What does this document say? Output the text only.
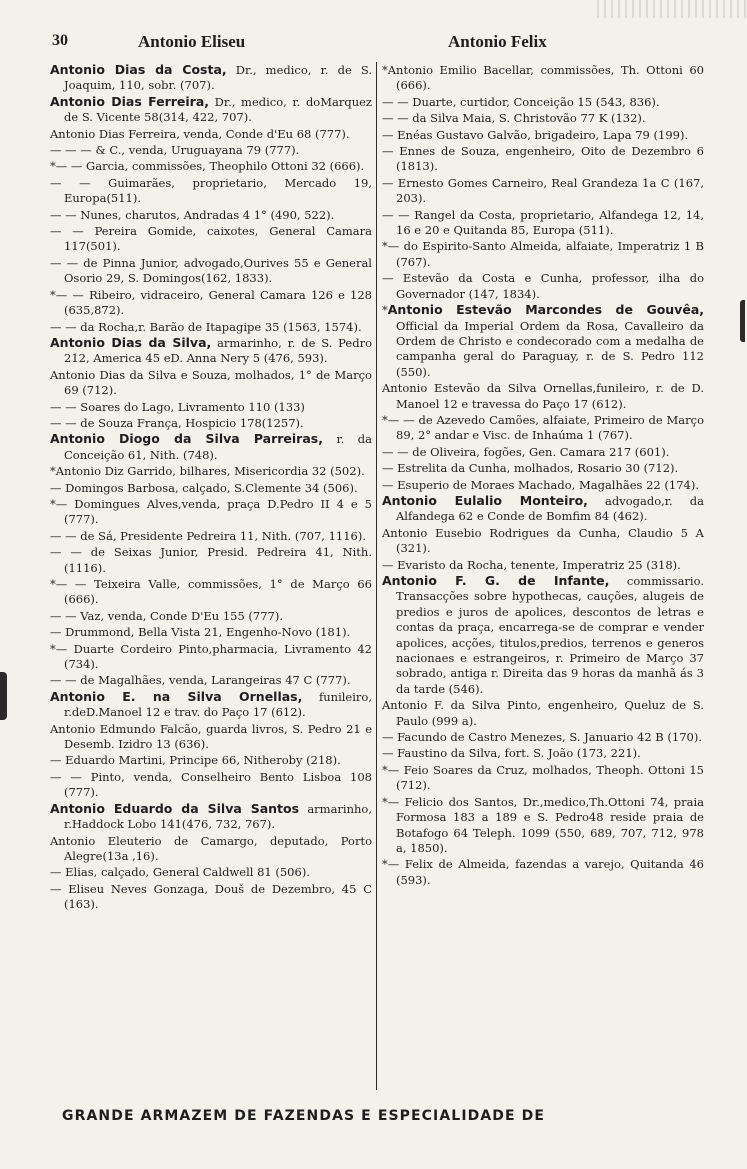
30	Antonio Eliseu	Antonio Felix

Antonio Dias da Costa, Dr., medico, r. de S. Joaquim, 110, sobr. (707).

Antonio Dias Ferreira, Dr., medico, r. doMarquez de S. Vicente 58(314, 422, 707).

Antonio Dias Ferreira, venda, Conde d'Eu 68 (777).

— — — & C., venda, Uruguayana 79 (777).

*— — Garcia, commissões, Theophilo Ottoni 32 (666).

— — Guimarães, proprietario, Mercado 19, Europa(511).

— — Nunes, charutos, Andradas 4 1° (490, 522).

— — Pereira Gomide, caixotes, General Camara 117(501).

— — de Pinna Junior, advogado,Ourives 55 e General Osorio 29, S. Domingos(162, 1833).

*— — Ribeiro, vidraceiro, General Camara 126 e 128 (635,872).

— — da Rocha,r. Barão de Itapagipe 35 (1563, 1574).

Antonio Dias da Silva, armarinho, r. de S. Pedro 212, America 45 eD. Anna Nery 5 (476, 593).

Antonio Dias da Silva e Souza, molhados, 1° de Março 69 (712).

— — Soares do Lago, Livramento 110 (133)

— — de Souza França, Hospicio 178(1257).

Antonio Diogo da Silva Parreiras, r. da Conceição 61, Nith. (748).

*Antonio Diz Garrido, bilhares, Misericordia 32 (502).

— Domingos Barbosa, calçado, S.Clemente 34 (506).

*— Domingues Alves,venda, praça D.Pedro II 4 e 5 (777).

— — de Sá, Presidente Pedreira 11, Nith. (707, 1116).

— — de Seixas Junior, Presid. Pedreira 41, Nith. (1116).

*— — Teixeira Valle, commissões, 1° de Março 66 (666).

— — Vaz, venda, Conde D'Eu 155 (777).

— Drummond, Bella Vista 21, Engenho-Novo (181).

*— Duarte Cordeiro Pinto,pharmacia, Livramento 42 (734).

— — de Magalhães, venda, Larangeiras 47 C (777).

Antonio E. na Silva Ornellas, funileiro, r.deD.Manoel 12 e trav. do Paço 17 (612).

Antonio Edmundo Falcão, guarda livros, S. Pedro 21 e Desemb. Izidro 13 (636).

— Eduardo Martini, Principe 66, Nitheroby (218).

— — Pinto, venda, Conselheiro Bento Lisboa 108 (777).

Antonio Eduardo da Silva Santos armarinho, r.Haddock Lobo 141(476, 732, 767).

Antonio Eleuterio de Camargo, deputado, Porto Alegre(13a ,16).

— Elias, calçado, General Caldwell 81 (506).

— Eliseu Neves Gonzaga, Douš de Dezembro, 45 C (163).

*Antonio Emilio Bacellar, commissões, Th. Ottoni 60 (666).

— — Duarte, curtidor, Conceição 15 (543, 836).

— — da Silva Maia, S. Christovão 77 K (132).

— Enéas Gustavo Galvão, brigadeiro, Lapa 79 (199).

— Ennes de Souza, engenheiro, Oito de Dezembro 6 (1813).

— Ernesto Gomes Carneiro, Real Grandeza 1a C (167, 203).

— — Rangel da Costa, proprietario, Alfandega 12, 14, 16 e 20 e Quitanda 85, Europa (511).

*— do Espirito-Santo Almeida, alfaiate, Imperatriz 1 B (767).

— Estevão da Costa e Cunha, professor, ilha do Governador (147, 1834).

*Antonio Estevão Marcondes de Gouvêa, Official da Imperial Ordem da Rosa, Cavalleiro da Ordem de Christo e condecorado com a medalha de campanha geral do Paraguay, r. de S. Pedro 112 (550).

Antonio Estevão da Silva Ornellas,funileiro, r. de D. Manoel 12 e travessa do Paço 17 (612).

*— — de Azevedo Camões, alfaiate, Primeiro de Março 89, 2° andar e Visc. de Inhaúma 1 (767).

— — de Oliveira, fogões, Gen. Camara 217 (601).

— Estrelita da Cunha, molhados, Rosario 30 (712).

— Esuperio de Moraes Machado, Magalhães 22 (174).

Antonio Eulalio Monteiro, advogado,r. da Alfandega 62 e Conde de Bomfim 84 (462).

Antonio Eusebio Rodrigues da Cunha, Claudio 5 A (321).

— Evaristo da Rocha, tenente, Imperatriz 25 (318).

Antonio F. G. de Infante, commissario. Transacções sobre hypothecas, cauções, alugeis de predios e juros de apolices, descontos de letras e contas da praça, encarrega-se de comprar e vender apolices, acções, titulos,predios, terrenos e generos nacionaes e estrangeiros, r. Primeiro de Março 37 sobrado, antiga r. Direita das 9 horas da manhã ás 3 da tarde (546).

Antonio F. da Silva Pinto, engenheiro, Queluz de S. Paulo (999 a).

— Facundo de Castro Menezes, S. Januario 42 B (170).

— Faustino da Silva, fort. S. João (173, 221).

*— Feio Soares da Cruz, molhados, Theoph. Ottoni 15 (712).

*— Felicio dos Santos, Dr.,medico,Th.Ottoni 74, praia Formosa 183 a 189 e S. Pedro48 reside praia de Botafogo 64 Teleph. 1099 (550, 689, 707, 712, 978 a, 1850).

*— Felix de Almeida, fazendas a varejo, Quitanda 46 (593).

GRANDE ARMAZEM DE FAZENDAS E ESPECIALIDADE DE
